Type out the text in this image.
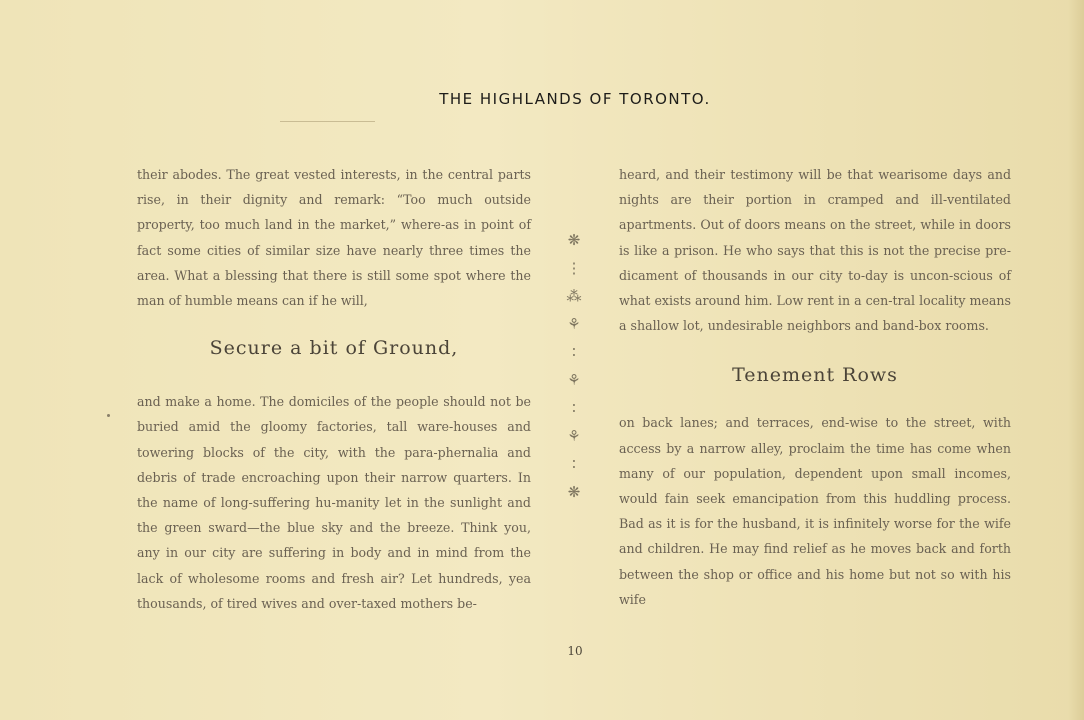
THE HIGHLANDS OF TORONTO.

their abodes. The great vested interests, in the central parts rise, in their dignity and remark: “Too much outside property, too much land in the market,” where-as in point of fact some cities of similar size have nearly three times the area. What a blessing that there is still some spot where the man of humble means can if he will,

Secure a bit of Ground,

and make a home. The domiciles of the people should not be buried amid the gloomy factories, tall ware-houses and towering blocks of the city, with the para-phernalia and debris of trade encroaching upon their narrow quarters. In the name of long-suffering hu-manity let in the sunlight and the green sward—the blue sky and the breeze. Think you, any in our city are suffering in body and in mind from the lack of wholesome rooms and fresh air? Let hundreds, yea thousands, of tired wives and over-taxed mothers be-

❋
⋮
⁂
⚘
∶
⚘
∶
⚘
∶
❋

heard, and their testimony will be that wearisome days and nights are their portion in cramped and ill-ventilated apartments. Out of doors means on the street, while in doors is like a prison. He who says that this is not the precise pre-dicament of thousands in our city to-day is uncon-scious of what exists around him. Low rent in a cen-tral locality means a shallow lot, undesirable neighbors and band-box rooms.

Tenement Rows

on back lanes; and terraces, end-wise to the street, with access by a narrow alley, proclaim the time has come when many of our population, dependent upon small incomes, would fain seek emancipation from this huddling process. Bad as it is for the husband, it is infinitely worse for the wife and children. He may find relief as he moves back and forth between the shop or office and his home but not so with his wife

10
